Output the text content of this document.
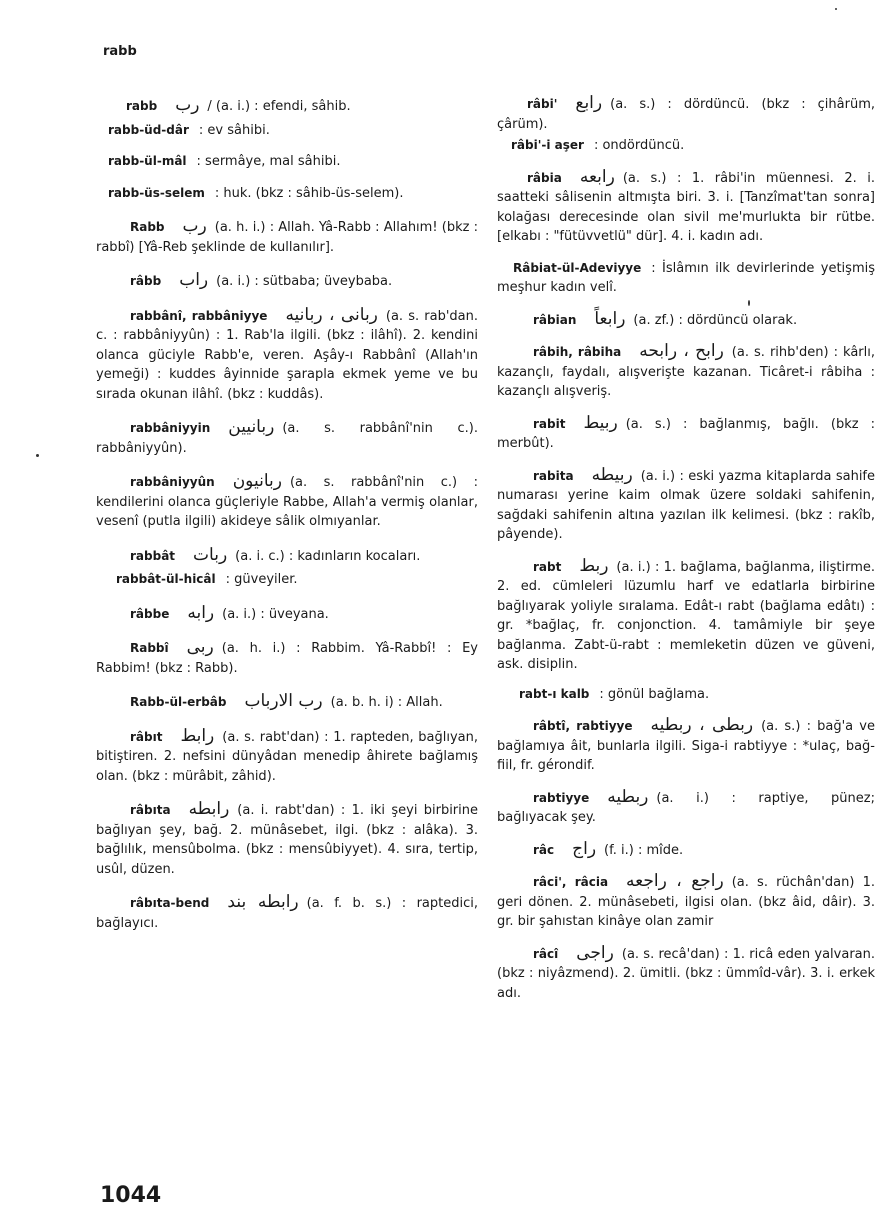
rabb

rabb رب / (a. i.) : efendi, sâhib.

rabb-üd-dâr : ev sâhibi.

rabb-ül-mâl : sermâye, mal sâhibi.

rabb-üs-selem : huk. (bkz : sâhib-üs-selem).

Rabb رب (a. h. i.) : Allah. Yâ-Rabb : Allahım! (bkz : rabbî) [Yâ-Reb şeklinde de kullanılır].

râbb راب (a. i.) : sütbaba; üveybaba.

rabbânî, rabbâniyye ربانی ، ربانیه (a. s. rab'dan. c. : rabbâniyyûn) : 1. Rab'la ilgili. (bkz : ilâhî). 2. kendini olanca güciyle Rabb'e, veren. Aşây-ı Rabbânî (Allah'ın yemeği) : kuddes âyinnide şarapla ekmek yeme ve bu sırada okunan ilâhî. (bkz : kuddâs).

rabbâniyyin ربانیین (a. s. rabbânî'nin c.). rabbâniyyûn).

rabbâniyyûn ربانیون (a. s. rabbânî'nin c.) : kendilerini olanca güçleriyle Rabbe, Allah'a vermiş olanlar, vesenî (putla ilgili) akideye sâlik olmıyanlar.

rabbât ربات (a. i. c.) : kadınların kocaları.

rabbât-ül-hicâl : güveyiler.

râbbe رابه (a. i.) : üveyana.

Rabbî ربی (a. h. i.) : Rabbim. Yâ-Rabbî! : Ey Rabbim! (bkz : Rabb).

Rabb-ül-erbâb رب الارباب (a. b. h. i) : Allah.

râbıt رابط (a. s. rabt'dan) : 1. rapteden, bağlıyan, bitiştiren. 2. nefsini dünyâdan menedip âhirete bağlamış olan. (bkz : mürâbit, zâhid).

râbıta رابطه (a. i. rabt'dan) : 1. iki şeyi birbirine bağlıyan şey, bağ. 2. münâsebet, ilgi. (bkz : alâka). 3. bağlılık, mensûbolma. (bkz : mensûbiyyet). 4. sıra, tertip, usûl, düzen.

râbıta-bend رابطه بند (a. f. b. s.) : raptedici, bağlayıcı.

râbi' رابع (a. s.) : dördüncü. (bkz : çihârüm, çârüm).

râbi'-i aşer : ondördüncü.

râbia رابعه (a. s.) : 1. râbi'in müennesi. 2. i. saatteki sâlisenin altmışta biri. 3. i. [Tanzîmat'tan sonra] kolağası derecesinde olan sivil me'murlukta bir rütbe. [elkabı : "fütüvvetlü" dür]. 4. i. kadın adı.

Râbiat-ül-Adeviyye : İslâmın ilk devirlerinde yetişmiş meşhur kadın velî.

râbian رابعاً (a. zf.) : dördüncü olarak.

râbih, râbiha رابح ، رابحه (a. s. rihb'den) : kârlı, kazançlı, faydalı, alışverişte kazanan. Ticâret-i râbiha : kazançlı alışveriş.

rabit ربيط (a. s.) : bağlanmış, bağlı. (bkz : merbût).

rabita ربيطه (a. i.) : eski yazma kitaplarda sahife numarası yerine kaim olmak üzere soldaki sahifenin, sağdaki sahifenin altına yazılan ilk kelimesi. (bkz : rakîb, pâyende).

rabt ربط (a. i.) : 1. bağlama, bağlanma, iliştirme. 2. ed. cümleleri lüzumlu harf ve edatlarla birbirine bağlıyarak yoliyle sıralama. Edât-ı rabt (bağlama edâtı) : gr. *bağlaç, fr. conjonction. 4. tamâmiyle bir şeye bağlanma. Zabt-ü-rabt : memleketin düzen ve güveni, ask. disiplin.

rabt-ı kalb : gönül bağlama.

râbtî, rabtiyye ربطی ، ربطیه (a. s.) : bağ'a ve bağlamıya âit, bunlarla ilgili. Siga-i rabtiyye : *ulaç, bağ-fiil, fr. gérondif.

rabtiyye ربطیه (a. i.) : raptiye, pünez; bağlıyacak şey.

râc راج (f. i.) : mîde.

râci', râcia راجع ، راجعه (a. s. rüchân'dan) 1. geri dönen. 2. münâsebeti, ilgisi olan. (bkz âid, dâir). 3. gr. bir şahıstan kinâye olan zamir

râcî راجی (a. s. recâ'dan) : 1. ricâ eden yalvaran. (bkz : niyâzmend). 2. ümitli. (bkz : ümmîd-vâr). 3. i. erkek adı.

1044
